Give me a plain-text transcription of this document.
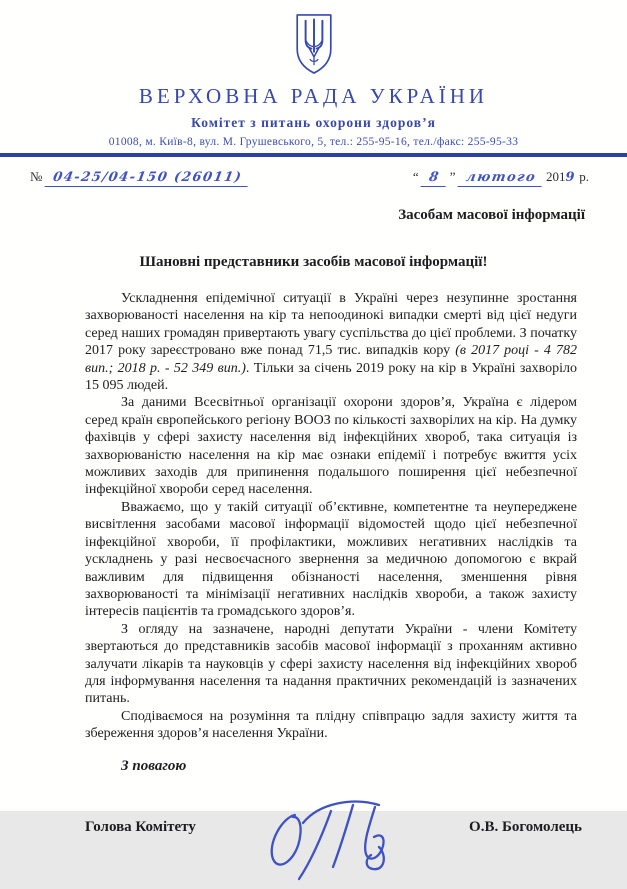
ВЕРХОВНА РАДА УКРАЇНИ
Комітет з питань охорони здоров’я
01008, м. Київ-8, вул. М. Грушевського, 5, тел.: 255-95-16, тел./факс: 255-95-33
№ 04-25/04-150 (26011)	“ 8 ” лютого 2019 р.
Засобам масової інформації
Шановні представники засобів масової інформації!

Ускладнення епідемічної ситуації в Україні через незупинне зростання захворюваності населення на кір та непоодинокі випадки смерті від цієї недуги серед наших громадян привертають увагу суспільства до цієї проблеми. З початку 2017 року зареєстровано вже понад 71,5 тис. випадків кору (в 2017 році - 4 782 вип.; 2018 р. - 52 349 вип.). Тільки за січень 2019 року на кір в Україні захворіло 15 095 людей.

За даними Всесвітньої організації охорони здоров’я, Україна є лідером серед країн європейського регіону ВООЗ по кількості захворілих на кір. На думку фахівців у сфері захисту населення від інфекційних хвороб, така ситуація із захворюваністю населення на кір має ознаки епідемії і потребує вжиття усіх можливих заходів для припинення подальшого поширення цієї небезпечної інфекційної хвороби серед населення.

Вважаємо, що у такій ситуації об’єктивне, компетентне та неупереджене висвітлення засобами масової інформації відомостей щодо цієї небезпечної інфекційної хвороби, її профілактики, можливих негативних наслідків та ускладнень у разі несвоєчасного звернення за медичною допомогою є вкрай важливим для підвищення обізнаності населення, зменшення рівня захворюваності та мінімізації негативних наслідків хвороби, а також захисту інтересів пацієнтів та громадського здоров’я.

З огляду на зазначене, народні депутати України - члени Комітету звертаються до представників засобів масової інформації з проханням активно залучати лікарів та науковців у сфері захисту населення від інфекційних хвороб для інформування населення та надання практичних рекомендацій із зазначених питань.

Сподіваємося на розуміння та плідну співпрацю задля захисту життя та збереження здоров’я населення України.

З повагою
Голова Комітету	О.В. Богомолець
